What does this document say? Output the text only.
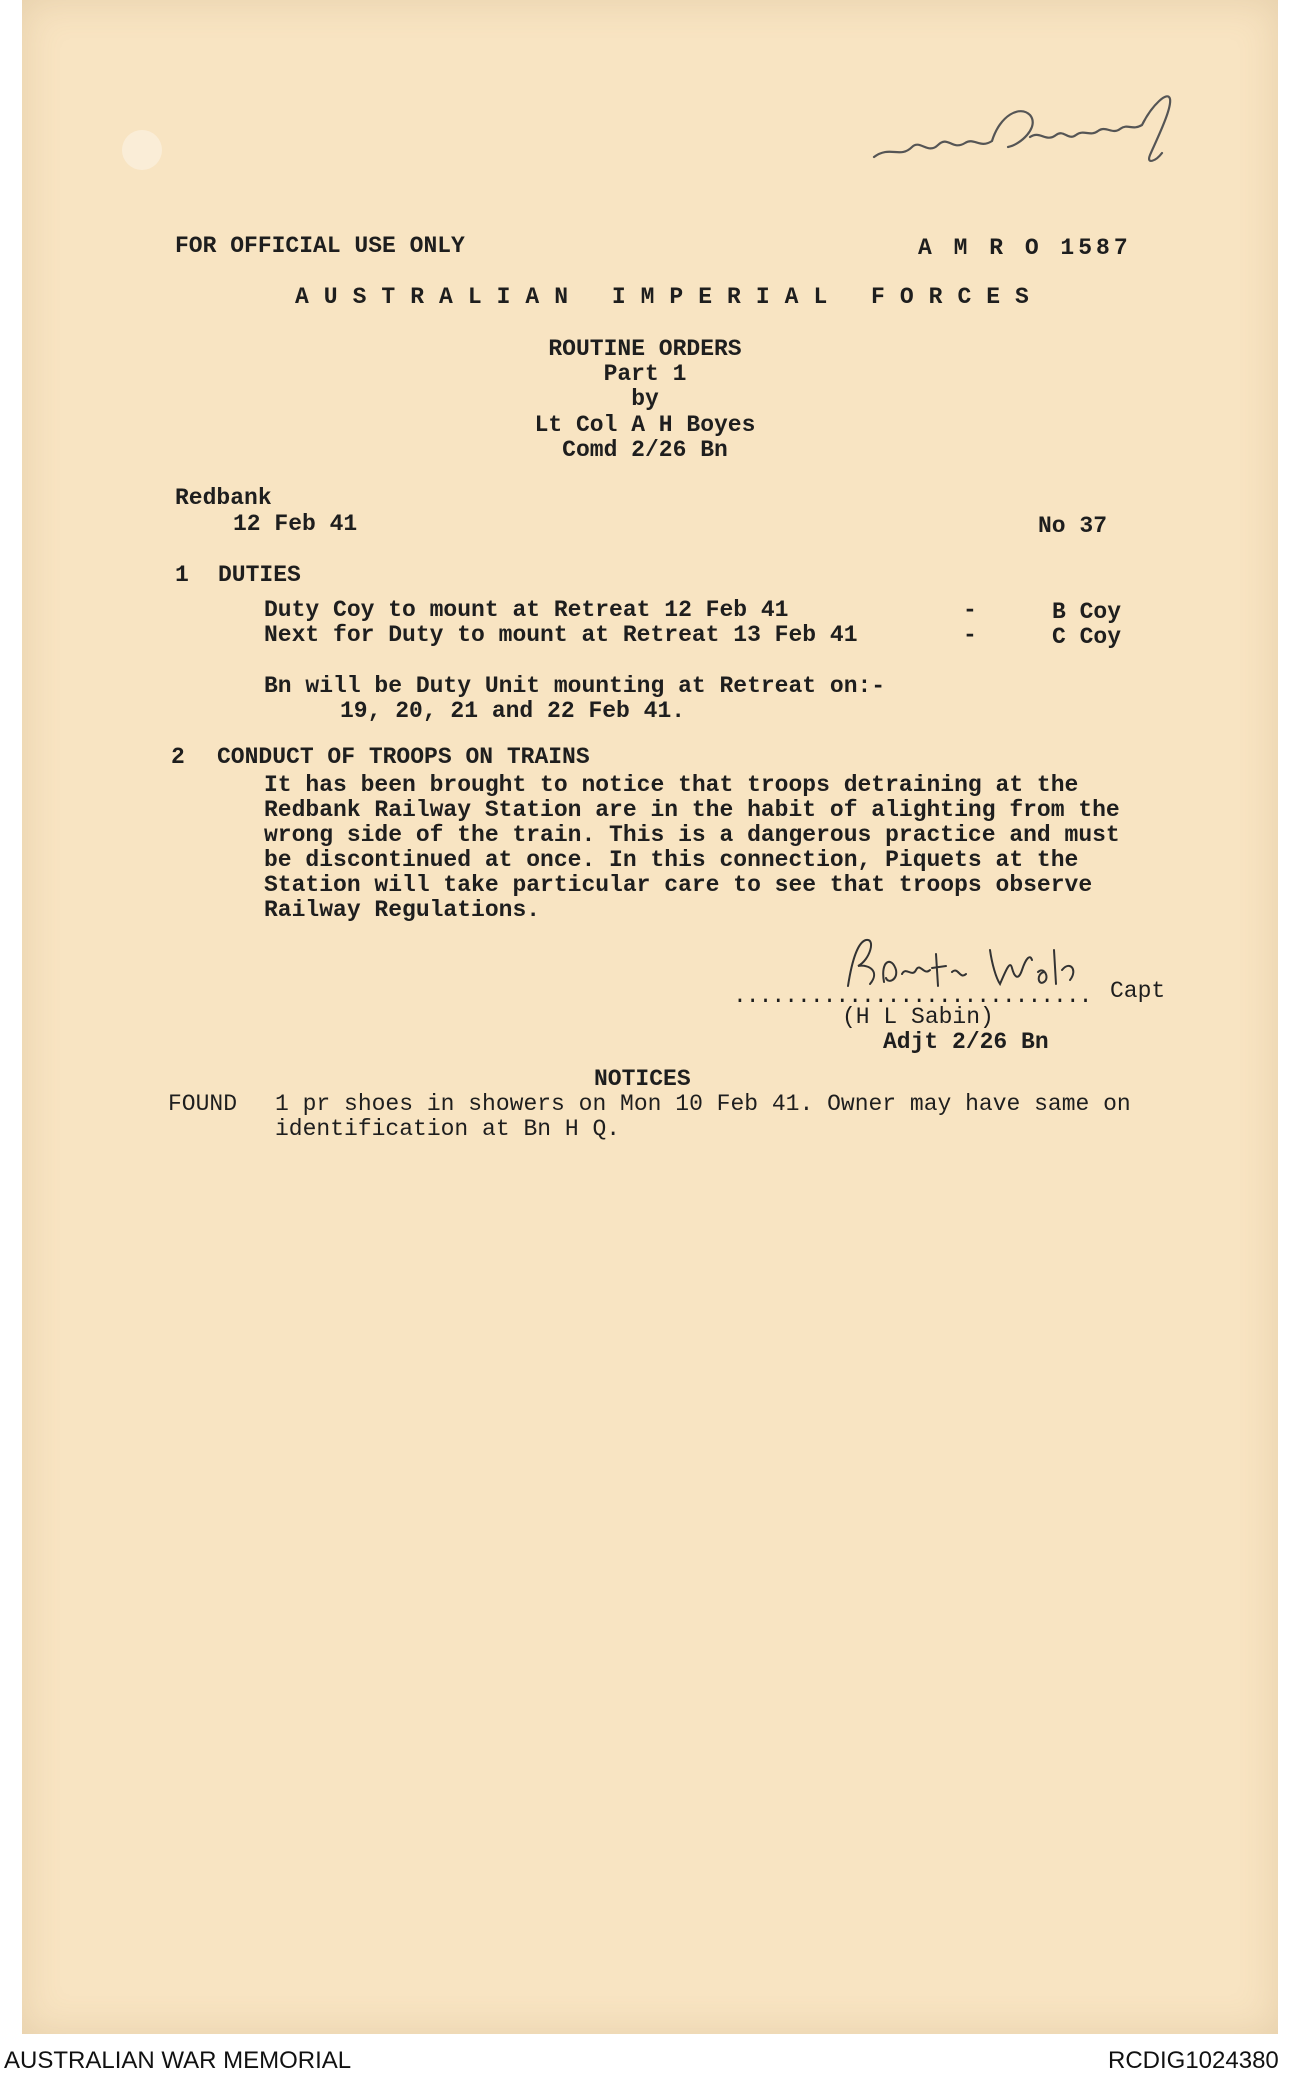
FOR OFFICIAL USE ONLY	A M R O 1587
AUSTRALIAN IMPERIAL FORCES
ROUTINE ORDERS
Part 1
by
Lt Col A H Boyes
Comd 2/26 Bn
Redbank
12 Feb 41	No 37
1 DUTIES
Duty Coy to mount at Retreat 12 Feb 41	-	B Coy
Next for Duty to mount at Retreat 13 Feb 41	-	C Coy
Bn will be Duty Unit mounting at Retreat on:-
19, 20, 21 and 22 Feb 41.
2 CONDUCT OF TROOPS ON TRAINS
It has been brought to notice that troops detraining at the
Redbank Railway Station are in the habit of alighting from the
wrong side of the train. This is a dangerous practice and must
be discontinued at once. In this connection, Piquets at the
Station will take particular care to see that troops observe
Railway Regulations.
............................ Capt
(H L Sabin)
Adjt 2/26 Bn
NOTICES
FOUND 1 pr shoes in showers on Mon 10 Feb 41. Owner may have same on
identification at Bn H Q.
AUSTRALIAN WAR MEMORIAL	RCDIG1024380
